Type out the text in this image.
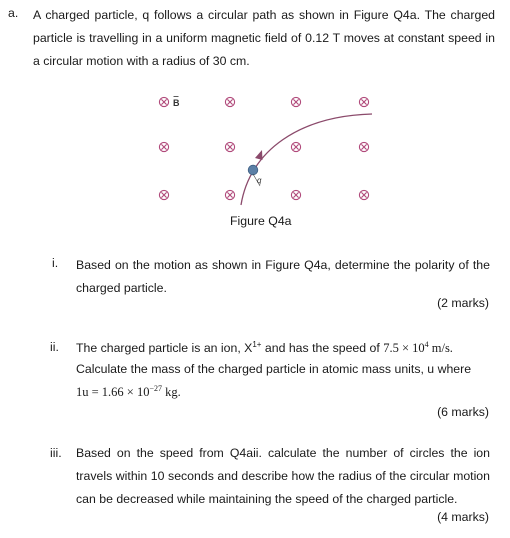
a. A charged particle, q follows a circular path as shown in Figure Q4a. The charged particle is travelling in a uniform magnetic field of 0.12 T moves at constant speed in a circular motion with a radius of 30 cm.
B
q
Figure Q4a
i. Based on the motion as shown in Figure Q4a, determine the polarity of the charged particle.
(2 marks)
ii. The charged particle is an ion, $X^{1+}$ and has the speed of $7.5 \times 10^4$ m/s.
Calculate the mass of the charged particle in atomic mass units, u where
$1u = 1.66 \times 10^{-27}$ kg.
(6 marks)
iii. Based on the speed from Q4aii. calculate the number of circles the ion travels within 10 seconds and describe how the radius of the circular motion can be decreased while maintaining the speed of the charged particle.
(4 marks)
